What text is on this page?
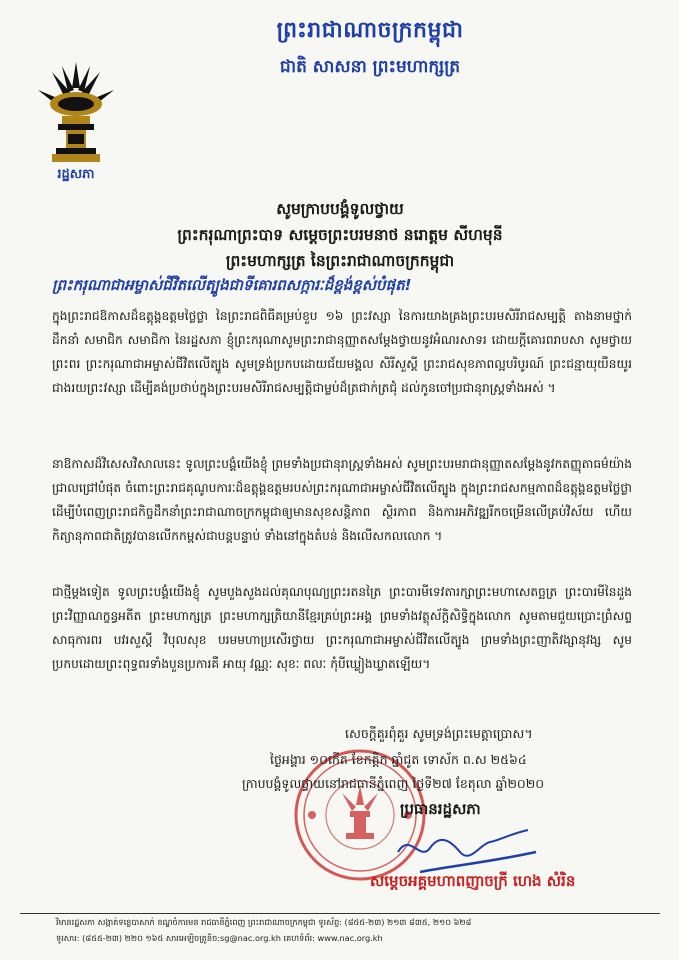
ព្រះរាជាណាចក្រកម្ពុជា
ជាតិ សាសនា ព្រះមហាក្សត្រ
រដ្ឋសភា
សូមក្រាបបង្គំទូលថ្វាយ
ព្រះករុណាព្រះបាទ សម្តេចព្រះបរមនាថ នរោត្តម សីហមុនី
ព្រះមហាក្សត្រ នៃព្រះរាជាណាចក្រកម្ពុជា
ព្រះករុណាជាអម្ចាស់ជីវិតលើត្បូងជាទីគោរពសក្ការៈដ៏ខ្ពង់ខ្ពស់បំផុត!
ក្នុងព្រះរាជឱកាសដ៏ឧត្តុង្គឧត្តមថ្លៃថ្លា នៃព្រះរាជពិធីគម្រប់ខួប ១៦ ព្រះវស្សា នៃការយាងគ្រងព្រះបរមសិរីរាជសម្បត្តិ តាងនាមថ្នាក់ដឹកនាំ សមាជិក សមាជិកា នៃរដ្ឋសភា ខ្ញុំព្រះករុណាសូមព្រះរាជានុញ្ញាតសម្តែងថ្វាយនូវអំណរសាទរ ដោយក្តីគោរពរាបសា សូមថ្វាយព្រះពរ ព្រះករុណាជាអម្ចាស់ជីវិតលើត្បូង សូមទ្រង់ប្រកបដោយជ័យមង្គល សិរីសួស្តី ព្រះរាជសុខភាពល្អបរិបូរណ៍ ព្រះជន្មាយុយឺនយូរជាងរយព្រះវស្សា ដើម្បីគង់ប្រថាប់ក្នុងព្រះបរមសិរីរាជសម្បត្តិជាម្លប់ដ៏ត្រជាក់ត្រជុំ ដល់កូនចៅប្រជានុរាស្ត្រទាំងអស់ ។
នាឱកាសដ៏វិសេសវិសាលនេះ ទូលព្រះបង្គំយើងខ្ញុំ ព្រមទាំងប្រជានុរាស្ត្រទាំងអស់ សូមព្រះបរមរាជានុញ្ញាតសម្តែងនូវកតញ្ញុតាធម៌យ៉ាងជ្រាលជ្រៅបំផុត ចំពោះព្រះរាជគុណូបការៈដ៏ឧត្តុង្គឧត្តមរបស់ព្រះករុណាជាអម្ចាស់ជីវិតលើត្បូង ក្នុងព្រះរាជសកម្មភាពដ៏ឧត្តុង្គឧត្តមថ្លៃថ្លា ដើម្បីបំពេញព្រះរាជកិច្ចដឹកនាំព្រះរាជាណាចក្រកម្ពុជាឲ្យមានសុខសន្តិភាព ស្ថិរភាព និងការអភិវឌ្ឍរីកចម្រើនលើគ្រប់វិស័យ ហើយកិត្យានុភាពជាតិត្រូវបានលើកកម្ពស់ជាបន្តបន្ទាប់ ទាំងនៅក្នុងតំបន់ និងលើសកលលោក ។
ជាថ្មីម្តងទៀត ទូលព្រះបង្គំយើងខ្ញុំ សូមបួងសួងដល់គុណបុណ្យព្រះរតនត្រៃ ព្រះបារមីទេវតារក្សាព្រះមហាសេតច្ឆត្រ ព្រះបារមីនៃដួងព្រះវិញ្ញាណក្ខន្ធអតីត ព្រះមហាក្សត្រ ព្រះមហាក្សត្រិយានីខ្មែរគ្រប់ព្រះអង្គ ព្រមទាំងវត្ថុស័ក្តិសិទ្ធិក្នុងលោក សូមតាមជួយប្រោះព្រំសព្ទសាធុការពរ បវរសួស្តី វិបុលសុខ បរមមហាប្រសើរថ្វាយ ព្រះករុណាជាអម្ចាស់ជីវិតលើត្បូង ព្រមទាំងព្រះញាតិវង្សានុវង្ស សូមប្រកបដោយព្រះពុទ្ធពរទាំងបួនប្រការគឺ អាយុ វណ្ណៈ សុខៈ ពលៈ កុំបីឃ្លៀងឃ្លាតឡើយ។
សេចក្តីគួរពុំគួរ សូមទ្រង់ព្រះមេត្តាប្រោស។
ថ្ងៃអង្គារ ១០កើត ខែកត្តិក ឆ្នាំជូត ទោស័ក ព.ស ២៥៦៤
ក្រាបបង្គំទូលថ្វាយនៅរាជធានីភ្នំពេញ ថ្ងៃទី២៧ ខែតុលា ឆ្នាំ២០២០
ប្រធានរដ្ឋសភា
សម្តេចអគ្គមហាពញាចក្រី ហេង សំរិន
វិមានរដ្ឋសភា សង្កាត់ទន្លេបាសាក់ ខណ្ឌចំការមន រាជធានីភ្នំពេញ ព្រះរាជាណាចក្រកម្ពុជា ទូរស័ព្ទ: (៨៥៥-២៣) ២១៣ ៨៣៥, ២១០ ៦២៨
ទូរសារ: (៨៥៥-២៣) ២២០ ១៦៥ សារអេឡិចត្រូនិច:sg@nac.org.kh គេហទំព័រ: www.nac.org.kh
